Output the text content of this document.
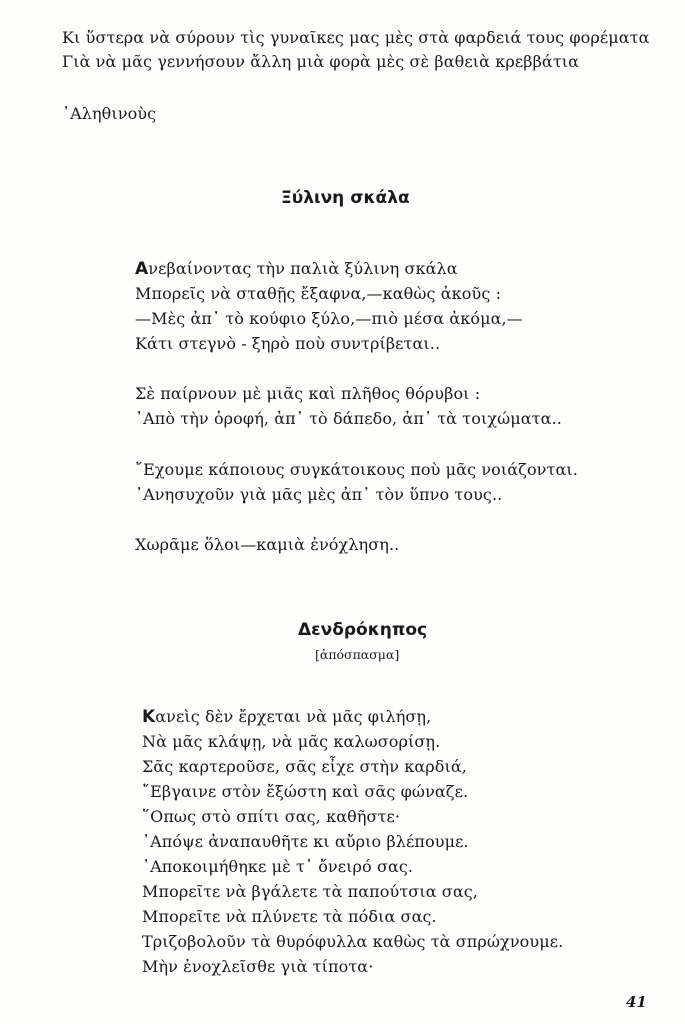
Κι ὕστερα νὰ σύρουν τὶς γυναῖκες μας μὲς στὰ φαρδειά τους φορέματα
Γιὰ νὰ μᾶς γεννήσουν ἄλλη μιὰ φορὰ μὲς σὲ βαθειὰ κρεββάτια
᾽Αληθινοὺς
Ξύλινη σκάλα
Ανεβαίνοντας τὴν παλιὰ ξύλινη σκάλα
Μπορεῖς νὰ σταθῇς ἔξαφνα,—καθὼς ἀκοῦς :
—Μὲς ἀπ᾽ τὸ κούφιο ξύλο,—πιὸ μέσα ἀκόμα,—
Κάτι στεγνὸ - ξηρὸ ποὺ συντρίβεται..
Σὲ παίρνουν μὲ μιᾶς καὶ πλῆθος θόρυβοι :
᾽Απὸ τὴν ὀροφή, ἀπ᾽ τὸ δάπεδο, ἀπ᾽ τὰ τοιχώματα..
῎Εχουμε κάποιους συγκάτοικους ποὺ μᾶς νοιάζονται.
᾽Ανησυχοῦν γιὰ μᾶς μὲς ἀπ᾽ τὸν ὕπνο τους..
Χωρᾶμε ὅλοι—καμιὰ ἐνόχληση..
Δενδρόκηπος
[ἀπόσπασμα]
Κανεὶς δὲν ἔρχεται νὰ μᾶς φιλήσῃ,
Νὰ μᾶς κλάψῃ, νὰ μᾶς καλωσορίσῃ.
Σᾶς καρτεροῦσε, σᾶς εἶχε στὴν καρδιά,
῎Εβγαινε στὸν ἔξώστη καὶ σᾶς φώναζε.
῞Οπως στὸ σπίτι σας, καθῆστε·
᾽Απόψε ἀναπαυθῆτε κι αὔριο βλέπουμε.
᾽Αποκοιμήθηκε μὲ τ᾽ ὄνειρό σας.
Μπορεῖτε νὰ βγάλετε τὰ παπούτσια σας,
Μπορεῖτε νὰ πλύνετε τὰ πόδια σας.
Τριζοβολοῦν τὰ θυρόφυλλα καθὼς τὰ σπρώχνουμε.
Μὴν ἐνοχλεῖσθε γιὰ τίποτα·
41
